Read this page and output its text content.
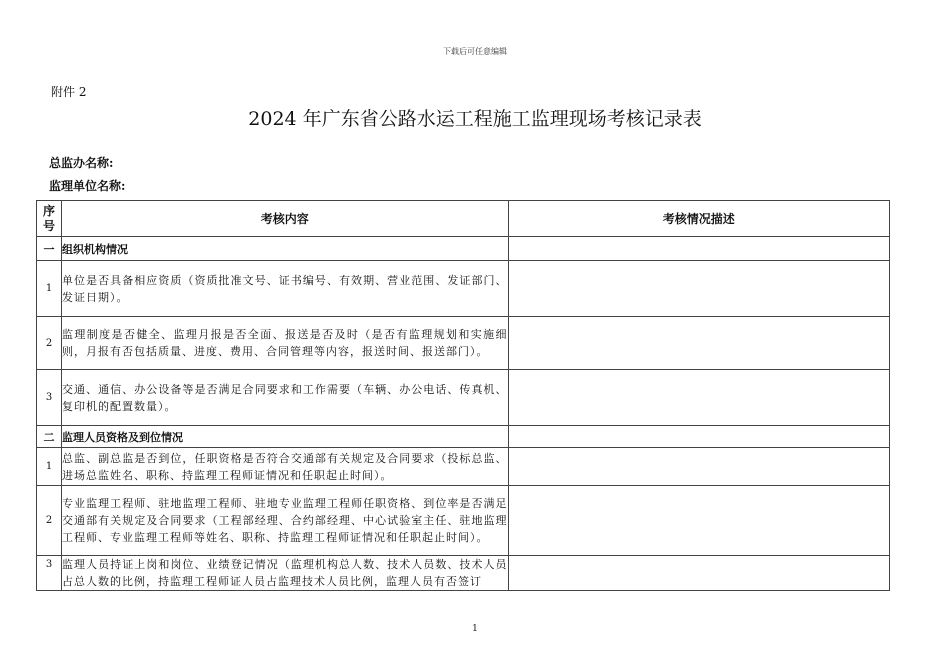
下载后可任意编辑
附件 2
2024 年广东省公路水运工程施工监理现场考核记录表
总监办名称:
监理单位名称:
序号	考核内容	考核情况描述
一	组织机构情况	
1	单位是否具备相应资质（资质批准文号、证书编号、有效期、营业范围、发证部门、发证日期）。	
2	监理制度是否健全、监理月报是否全面、报送是否及时（是否有监理规划和实施细则，月报有否包括质量、进度、费用、合同管理等内容，报送时间、报送部门）。	
3	交通、通信、办公设备等是否满足合同要求和工作需要（车辆、办公电话、传真机、复印机的配置数量）。	
二	监理人员资格及到位情况	
1	总监、副总监是否到位，任职资格是否符合交通部有关规定及合同要求（投标总监、进场总监姓名、职称、持监理工程师证情况和任职起止时间）。	
2	专业监理工程师、驻地监理工程师、驻地专业监理工程师任职资格、到位率是否满足交通部有关规定及合同要求（工程部经理、合约部经理、中心试验室主任、驻地监理工程师、专业监理工程师等姓名、职称、持监理工程师证情况和任职起止时间）。	
3	监理人员持证上岗和岗位、业绩登记情况（监理机构总人数、技术人员数、技术人员占总人数的比例，持监理工程师证人员占监理技术人员比例，监理人员有否签订	
1
